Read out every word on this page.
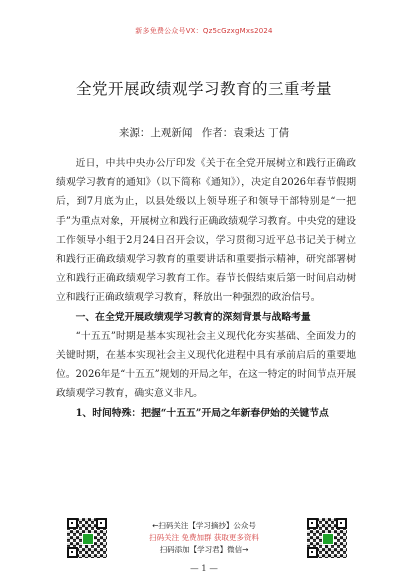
新多免费公众号VX：Qz5cGzxgMxs2024
全党开展政绩观学习教育的三重考量
来源：上观新闻 作者：袁秉达 丁倩

近日，中共中央办公厅印发《关于在全党开展树立和践行正确政绩观学习教育的通知》（以下简称《通知》），决定自2026年春节假期后，到7月底为止，以县处级以上领导班子和领导干部特别是“一把手”为重点对象，开展树立和践行正确政绩观学习教育。中央党的建设工作领导小组于2月24日召开会议，学习贯彻习近平总书记关于树立和践行正确政绩观学习教育的重要讲话和重要指示精神，研究部署树立和践行正确政绩观学习教育工作。春节长假结束后第一时间启动树立和践行正确政绩观学习教育，释放出一种强烈的政治信号。

一、在全党开展政绩观学习教育的深刻背景与战略考量

“十五五”时期是基本实现社会主义现代化夯实基础、全面发力的关键时期，在基本实现社会主义现代化进程中具有承前启后的重要地位。2026年是“十五五”规划的开局之年，在这一特定的时间节点开展政绩观学习教育，确实意义非凡。

1、时间特殊：把握“十五五”开局之年新春伊始的关键节点

←扫码关注【学习摘抄】公众号
扫码关注 免费加群 获取更多资料
扫码添加【学习君】微信→
— 1 —
